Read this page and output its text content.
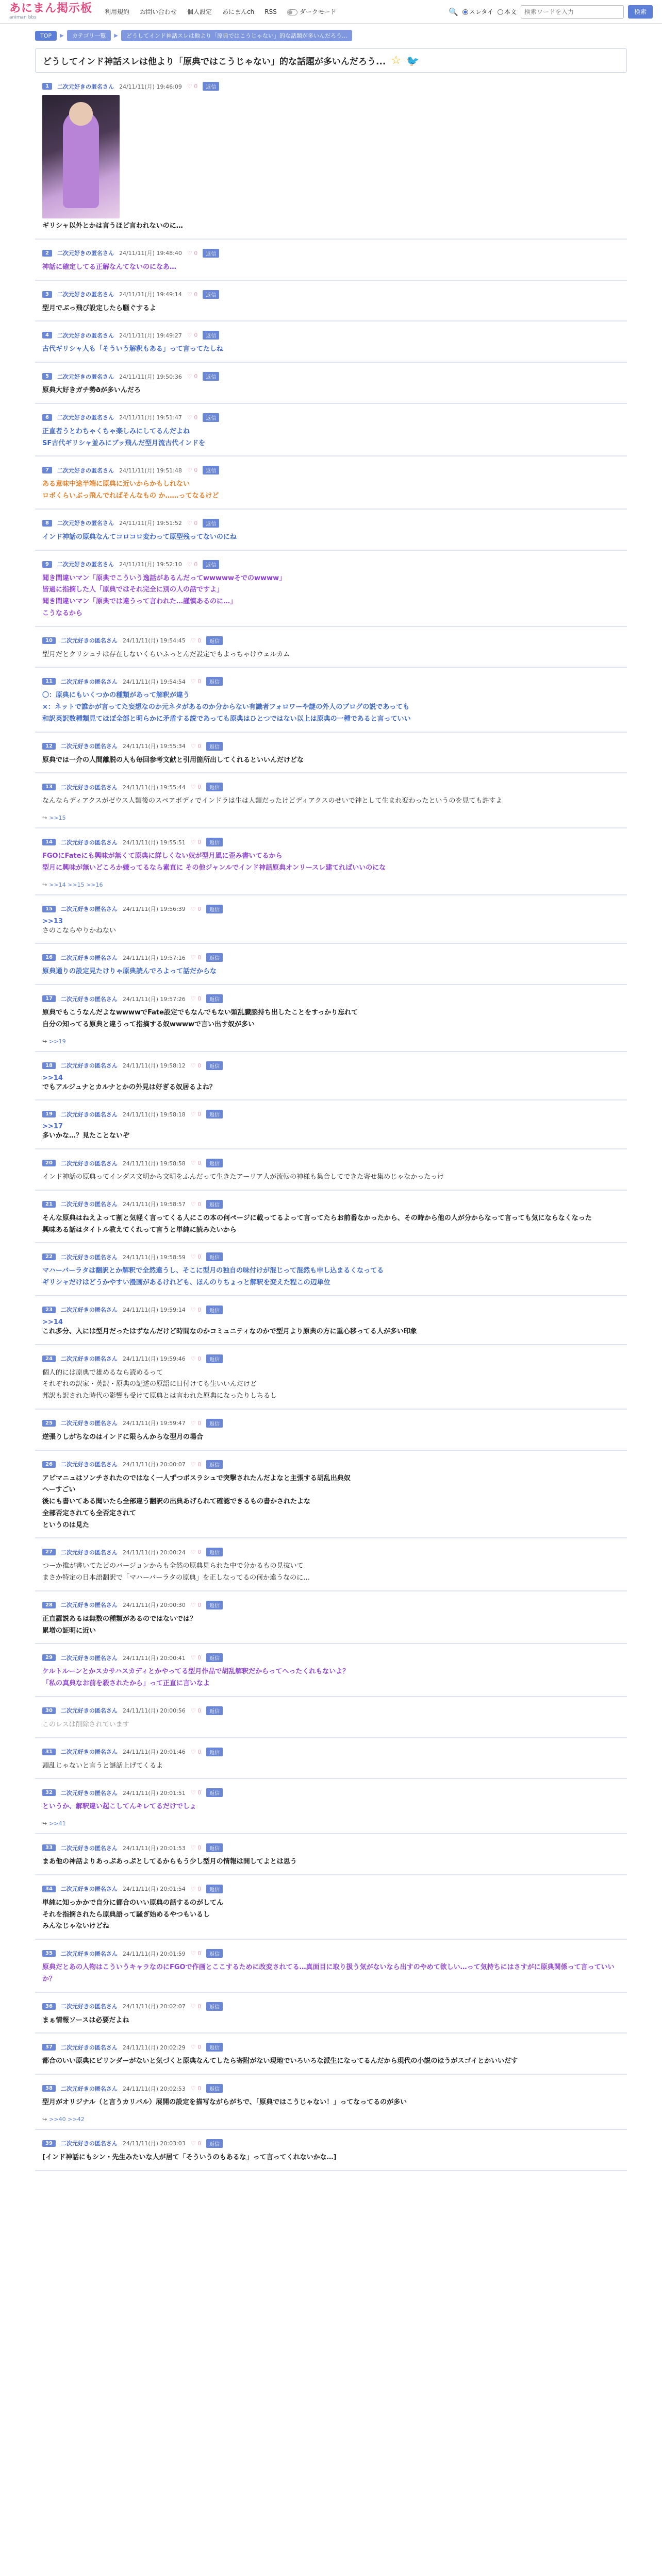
あにまん掲示板
animan bbs
利用規約 お問い合わせ 個人設定 あにまんch RSS	ダークモード	🔍	スレタイ	本文
検索ワードを入力	検索
TOP	▶	カテゴリ一覧	▶	どうしてインド神話スレは他より「原典ではこうじゃない」的な話題が多いんだろう...
どうしてインド神話スレは他より「原典ではこうじゃない」的な話題が多いんだろう... ☆ 🐦
1	二次元好きの匿名さん 24/11/11(月) 19:46:09 ♡ 0	返信
ギリシャ以外とかは言うほど言われないのに…
2	二次元好きの匿名さん 24/11/11(月) 19:48:40 ♡ 0	返信
神話に確定してる正解なんてないのになあ…
3	二次元好きの匿名さん 24/11/11(月) 19:49:14 ♡ 0	返信
型月でぶっ飛び設定したら騒ぐするよ
4	二次元好きの匿名さん 24/11/11(月) 19:49:27 ♡ 0	返信
古代ギリシャ人も「そういう解釈もある」って言ってたしね
5	二次元好きの匿名さん 24/11/11(月) 19:50:36 ♡ 0	返信
原典大好きガチ勢ðが多いんだろ
6	二次元好きの匿名さん 24/11/11(月) 19:51:47 ♡ 0	返信
正直者うとわちゃくちゃ楽しみにしてるんだよね
SF古代ギリシャ並みにブッ飛んだ型月流古代インドを
7	二次元好きの匿名さん 24/11/11(月) 19:51:48 ♡ 0	返信
ある意味中途半端に原典に近いからかもしれない
ロボくらいぶっ飛んでればそんなもの か……ってなるけど
8	二次元好きの匿名さん 24/11/11(月) 19:51:52 ♡ 0	返信
インド神話の原典なんてコロコロ変わって原型残ってないのにね
9	二次元好きの匿名さん 24/11/11(月) 19:52:10 ♡ 0	返信
聞き間違いマン「原典でこういう逸話があるんだってwwwwwそでのwwww」
皆過に指摘した人「原典ではそれ完全に別の人の話ですよ」
聞き間違いマン「原典では違うって言われた…謹慎あるのに…」
こうなるから
10	二次元好きの匿名さん 24/11/11(月) 19:54:45 ♡ 0	返信
型月だとクリシュナは存在しないくらいふっとんだ設定でもよっちゃけウェルカム
11	二次元好きの匿名さん 24/11/11(月) 19:54:54 ♡ 0	返信
〇：原典にもいくつかの種類があって解釈が違う
×：ネットで誰かが言ってた妄想なのか元ネタがあるのか分からない有識者フォロワーや謎の外人のブログの説であっても
和訳英訳数種類見てほぼ全部と明らかに矛盾する説であっても原典はひとつではない以上は原典の一種であると言っていい
12	二次元好きの匿名さん 24/11/11(月) 19:55:34 ♡ 0	返信
原典では一介の人間離脱の人も毎回参考文献と引用箇所出してくれるといいんだけどな
13	二次元好きの匿名さん 24/11/11(月) 19:55:44 ♡ 0	返信
なんならディアクスがゼウス人類後のスペアボディでインドラは生は人類だったけどディアクスのせいで神として生まれ変わったというのを見ても許すよ
↪ >>15
14	二次元好きの匿名さん 24/11/11(月) 19:55:51 ♡ 0	返信
FGOにFateにも興味が無くて原典に詳しくない奴が型月風に歪み書いてるから
型月に興味が無いどころか嫌ってるなら素直に その他ジャンルでインド神話原典オンリースレ建てればいいのにな
↪ >>14 >>15 >>16
15	二次元好きの匿名さん 24/11/11(月) 19:56:39 ♡ 0	返信
>>13
さのこならやりかねない
16	二次元好きの匿名さん 24/11/11(月) 19:57:16 ♡ 0	返信
原典通りの設定見たけりゃ原典読んでろよって話だからな
17	二次元好きの匿名さん 24/11/11(月) 19:57:26 ♡ 0	返信
原典でもこうなんだよなwwwwでFate設定でもなんでもない頭乱臓脳持ち出したことをすっかり忘れて
自分の知ってる原典と違うって指摘する奴wwwwで言い出す奴が多い
↪ >>19
18	二次元好きの匿名さん 24/11/11(月) 19:58:12 ♡ 0	返信
>>14
でもアルジュナとカルナとかの外見は好ぎる奴居るよね？
19	二次元好きの匿名さん 24/11/11(月) 19:58:18 ♡ 0	返信
>>17
多いかな…？見たことないぞ
20	二次元好きの匿名さん 24/11/11(月) 19:58:58 ♡ 0	返信
インド神話の原典ってインダス文明から文明をふんだって生きたアーリア人が流転の神様も集合してできた寄せ集めじゃなかったっけ
21	二次元好きの匿名さん 24/11/11(月) 19:58:57 ♡ 0	返信
そんな原典はねえよって割と気軽く言ってくる人にこの本の何ページに載ってるよって言ってたらお前番なかったから、その時から他の人が分からなって言っても気にならなくなった
興味ある話はタイトル教えてくれって言うと単純に読みたいから
22	二次元好きの匿名さん 24/11/11(月) 19:58:59 ♡ 0	返信
マハーバーラタは翻訳とか解釈で全然違うし、そこに型月の独自の味付けが混じって混然も申し込まるくなってる
ギリシャだけはどうかやすい漫画があるけれども、ほんのりちょっと解釈を変えた程この辺単位
23	二次元好きの匿名さん 24/11/11(月) 19:59:14 ♡ 0	返信
>>14
これ多分、入には型月だったはずなんだけど時間なのかコミュニティなのかで型月より原典の方に重心移ってる人が多い印象
24	二次元好きの匿名さん 24/11/11(月) 19:59:46 ♡ 0	返信
個人的には原典で雄めるなら読めるって
それぞれの訳家・英訳・原典の記述の原語に日付けても生いいんだけど
邦訳も訳された時代の影響も受けて原典とは言われた原典になったりしちるし
25	二次元好きの匿名さん 24/11/11(月) 19:59:47 ♡ 0	返信
逆張りしがちなのはインドに限らんからな型月の場合
26	二次元好きの匿名さん 24/11/11(月) 20:00:07 ♡ 0	返信
アピマニュはソンチされたのではなく一人ずつボスラシュで突撃されたんだよなと主張する胡乱出典奴
ヘーすごい
後にも書いてある聞いたら全部違う翻訳の出典あげられて確認できるもの書かされたよな
全部否定されても全否定されて
というのは見た
27	二次元好きの匿名さん 24/11/11(月) 20:00:24 ♡ 0	返信
つーか推が書いてたどのバージョンからも全然の原典見られた中で分かるもの見抜いて
まさか特定の日本語翻訳で「マハーバーラタの原典」を正しなってるの何か違うなのに…
28	二次元好きの匿名さん 24/11/11(月) 20:00:30 ♡ 0	返信
正直羅説あるは無数の種類があるのではないでは？
累増の証明に近い
29	二次元好きの匿名さん 24/11/11(月) 20:00:41 ♡ 0	返信
ケルトルーンとかスカサハスカディとかやってる型月作品で胡乱解釈だからってへったくれもないよ？
「私の真典なお前を殺されたから」って正直に言いなよ
30	二次元好きの匿名さん 24/11/11(月) 20:00:56 ♡ 0	返信
このレスは削除されています
31	二次元好きの匿名さん 24/11/11(月) 20:01:46 ♡ 0	返信
頭乱じゃないと言うと謎話上げてくるよ
32	二次元好きの匿名さん 24/11/11(月) 20:01:51 ♡ 0	返信
というか、解釈違い起こしてんキレてるだけでしょ
↪ >>41
33	二次元好きの匿名さん 24/11/11(月) 20:01:53 ♡ 0	返信
まあ他の神話よりあっぷあっぷとしてるからもう少し型月の情報は開してよとは思う
34	二次元好きの匿名さん 24/11/11(月) 20:01:54 ♡ 0	返信
単純に知っかかで自分に都合のいい原典の話するのがしてん
それを指摘されたら原典語って騒ぎ始めるやつもいるし
みんなじゃないけどね
35	二次元好きの匿名さん 24/11/11(月) 20:01:59 ♡ 0	返信
原典だとあの人物はこういうキャラなのにFGOで作画とここするために改変されてる…真面目に取り扱う気がないなら出すのやめて欲しい…って気持ちにはさすがに原典関係って言っていいか？
36	二次元好きの匿名さん 24/11/11(月) 20:02:07 ♡ 0	返信
まぁ情報ソースは必要だよね
37	二次元好きの匿名さん 24/11/11(月) 20:02:29 ♡ 0	返信
都合のいい原典にピリンダーがないと気づくと原典なんてしたら寄附がない現地でいろいろな派生になってるんだから現代の小説のほうがスゴイとかいいだす
38	二次元好きの匿名さん 24/11/11(月) 20:02:53 ♡ 0	返信
型月がオリジナル（と言うカリバル）展開の設定を描写ながらがちで、「原典ではこうじゃない！」ってなってるのが多い
↪ >>40 >>42
39	二次元好きの匿名さん 24/11/11(月) 20:03:03 ♡ 0	返信
[インド神話にもシン・先生みたいな人が居て「そういうのもあるな」って言ってくれないかな…]
